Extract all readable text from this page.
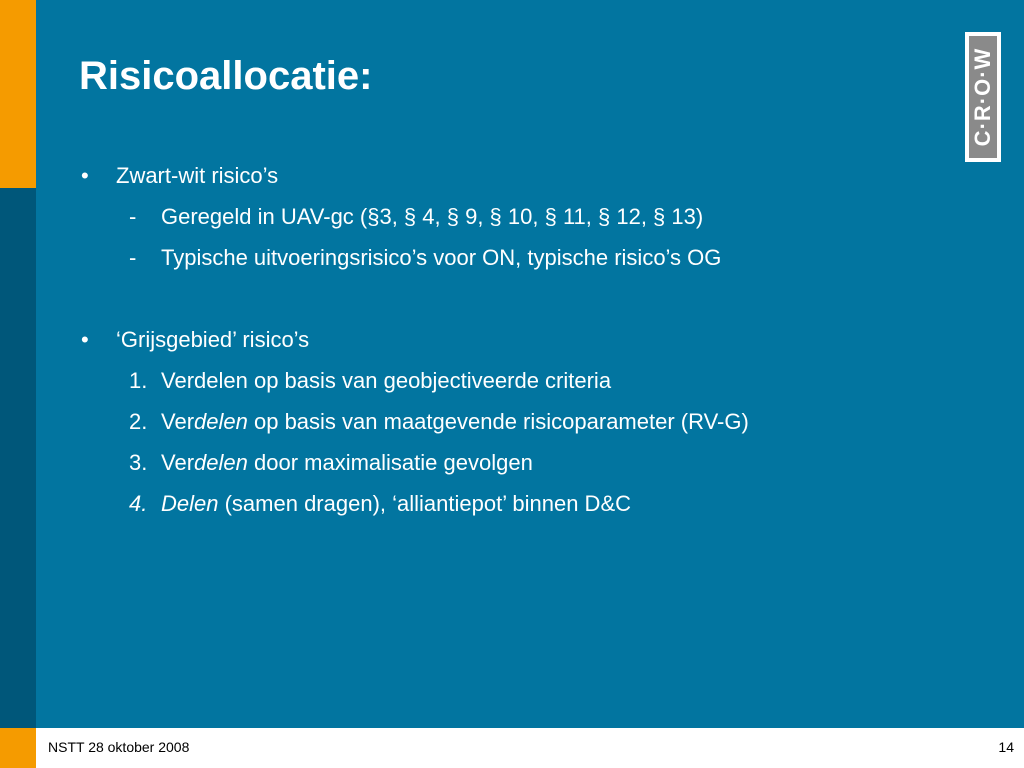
Risicoallocatie:	C·R·O·W
• Zwart-wit risico’s
- Geregeld in UAV-gc (§3, § 4, § 9, § 10, § 11, § 12, § 13)
- Typische uitvoeringsrisico’s voor ON, typische risico’s OG
• ‘Grijsgebied’ risico’s
1. Verdelen op basis van geobjectiveerde criteria
2. Verdelen op basis van maatgevende risicoparameter (RV-G)
3. Verdelen door maximalisatie gevolgen
4. Delen (samen dragen), ‘alliantiepot’ binnen D&C
NSTT 28 oktober 2008	14
